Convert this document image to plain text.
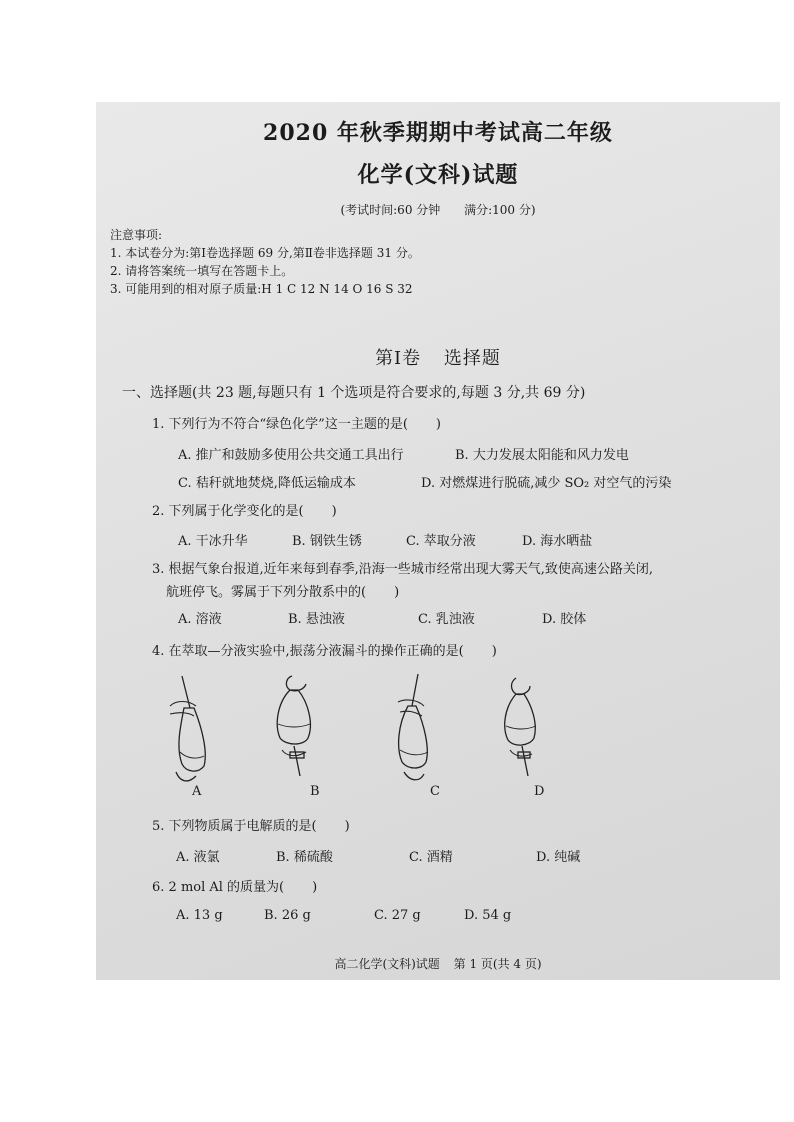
2020 年秋季期期中考试高二年级
化学(文科)试题
(考试时间:60 分钟 满分:100 分)
注意事项:
1. 本试卷分为:第Ⅰ卷选择题 69 分,第Ⅱ卷非选择题 31 分。
2. 请将答案统一填写在答题卡上。
3. 可能用到的相对原子质量:H 1 C 12 N 14 O 16 S 32
第Ⅰ卷 选择题
一、选择题(共 23 题,每题只有 1 个选项是符合要求的,每题 3 分,共 69 分)
1. 下列行为不符合“绿色化学”这一主题的是( )
A. 推广和鼓励多使用公共交通工具出行	B. 大力发展太阳能和风力发电
C. 秸秆就地焚烧,降低运输成本	D. 对燃煤进行脱硫,减少 SO₂ 对空气的污染
2. 下列属于化学变化的是( )
A. 干冰升华	B. 钢铁生锈	C. 萃取分液	D. 海水晒盐
3. 根据气象台报道,近年来每到春季,沿海一些城市经常出现大雾天气,致使高速公路关闭,
航班停飞。雾属于下列分散系中的( )
A. 溶液	B. 悬浊液	C. 乳浊液	D. 胶体
4. 在萃取—分液实验中,振荡分液漏斗的操作正确的是( )
A	B	C	D
5. 下列物质属于电解质的是( )
A. 液氯	B. 稀硫酸	C. 酒精	D. 纯碱
6. 2 mol Al 的质量为( )
A. 13 g	B. 26 g	C. 27 g	D. 54 g
高二化学(文科)试题 第 1 页(共 4 页)
